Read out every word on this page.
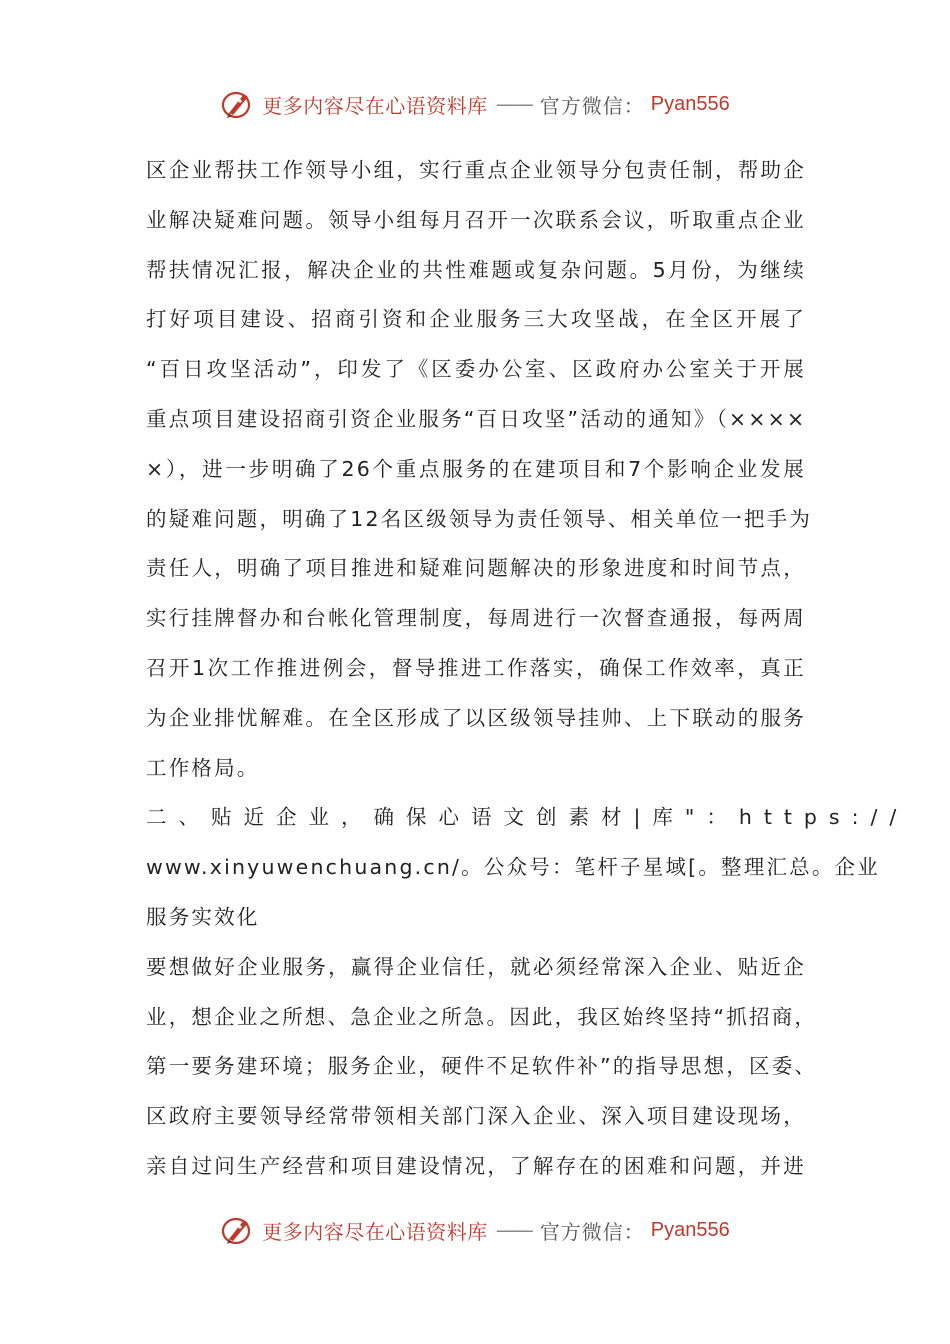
更多内容尽在心语资料库 —— 官方微信： Pyan556
区企业帮扶工作领导小组，实行重点企业领导分包责任制，帮助企
业解决疑难问题。领导小组每月召开一次联系会议，听取重点企业
帮扶情况汇报，解决企业的共性难题或复杂问题。5月份，为继续
打好项目建设、招商引资和企业服务三大攻坚战，在全区开展了
“百日攻坚活动”，印发了《区委办公室、区政府办公室关于开展
重点项目建设招商引资企业服务“百日攻坚”活动的通知》（××××
×），进一步明确了26个重点服务的在建项目和7个影响企业发展
的疑难问题，明确了12名区级领导为责任领导、相关单位一把手为
责任人，明确了项目推进和疑难问题解决的形象进度和时间节点，
实行挂牌督办和台帐化管理制度，每周进行一次督查通报，每两周
召开1次工作推进例会，督导推进工作落实，确保工作效率，真正
为企业排忧解难。在全区形成了以区级领导挂帅、上下联动的服务
工作格局。
二、贴近企业，确保心语文创素材|库"：https://
www.xinyuwenchuang.cn/。公众号：笔杆子星域[。整理汇总。企业
服务实效化
要想做好企业服务，赢得企业信任，就必须经常深入企业、贴近企
业，想企业之所想、急企业之所急。因此，我区始终坚持“抓招商，
第一要务建环境；服务企业，硬件不足软件补”的指导思想，区委、
区政府主要领导经常带领相关部门深入企业、深入项目建设现场，
亲自过问生产经营和项目建设情况，了解存在的困难和问题，并进
更多内容尽在心语资料库 —— 官方微信： Pyan556
